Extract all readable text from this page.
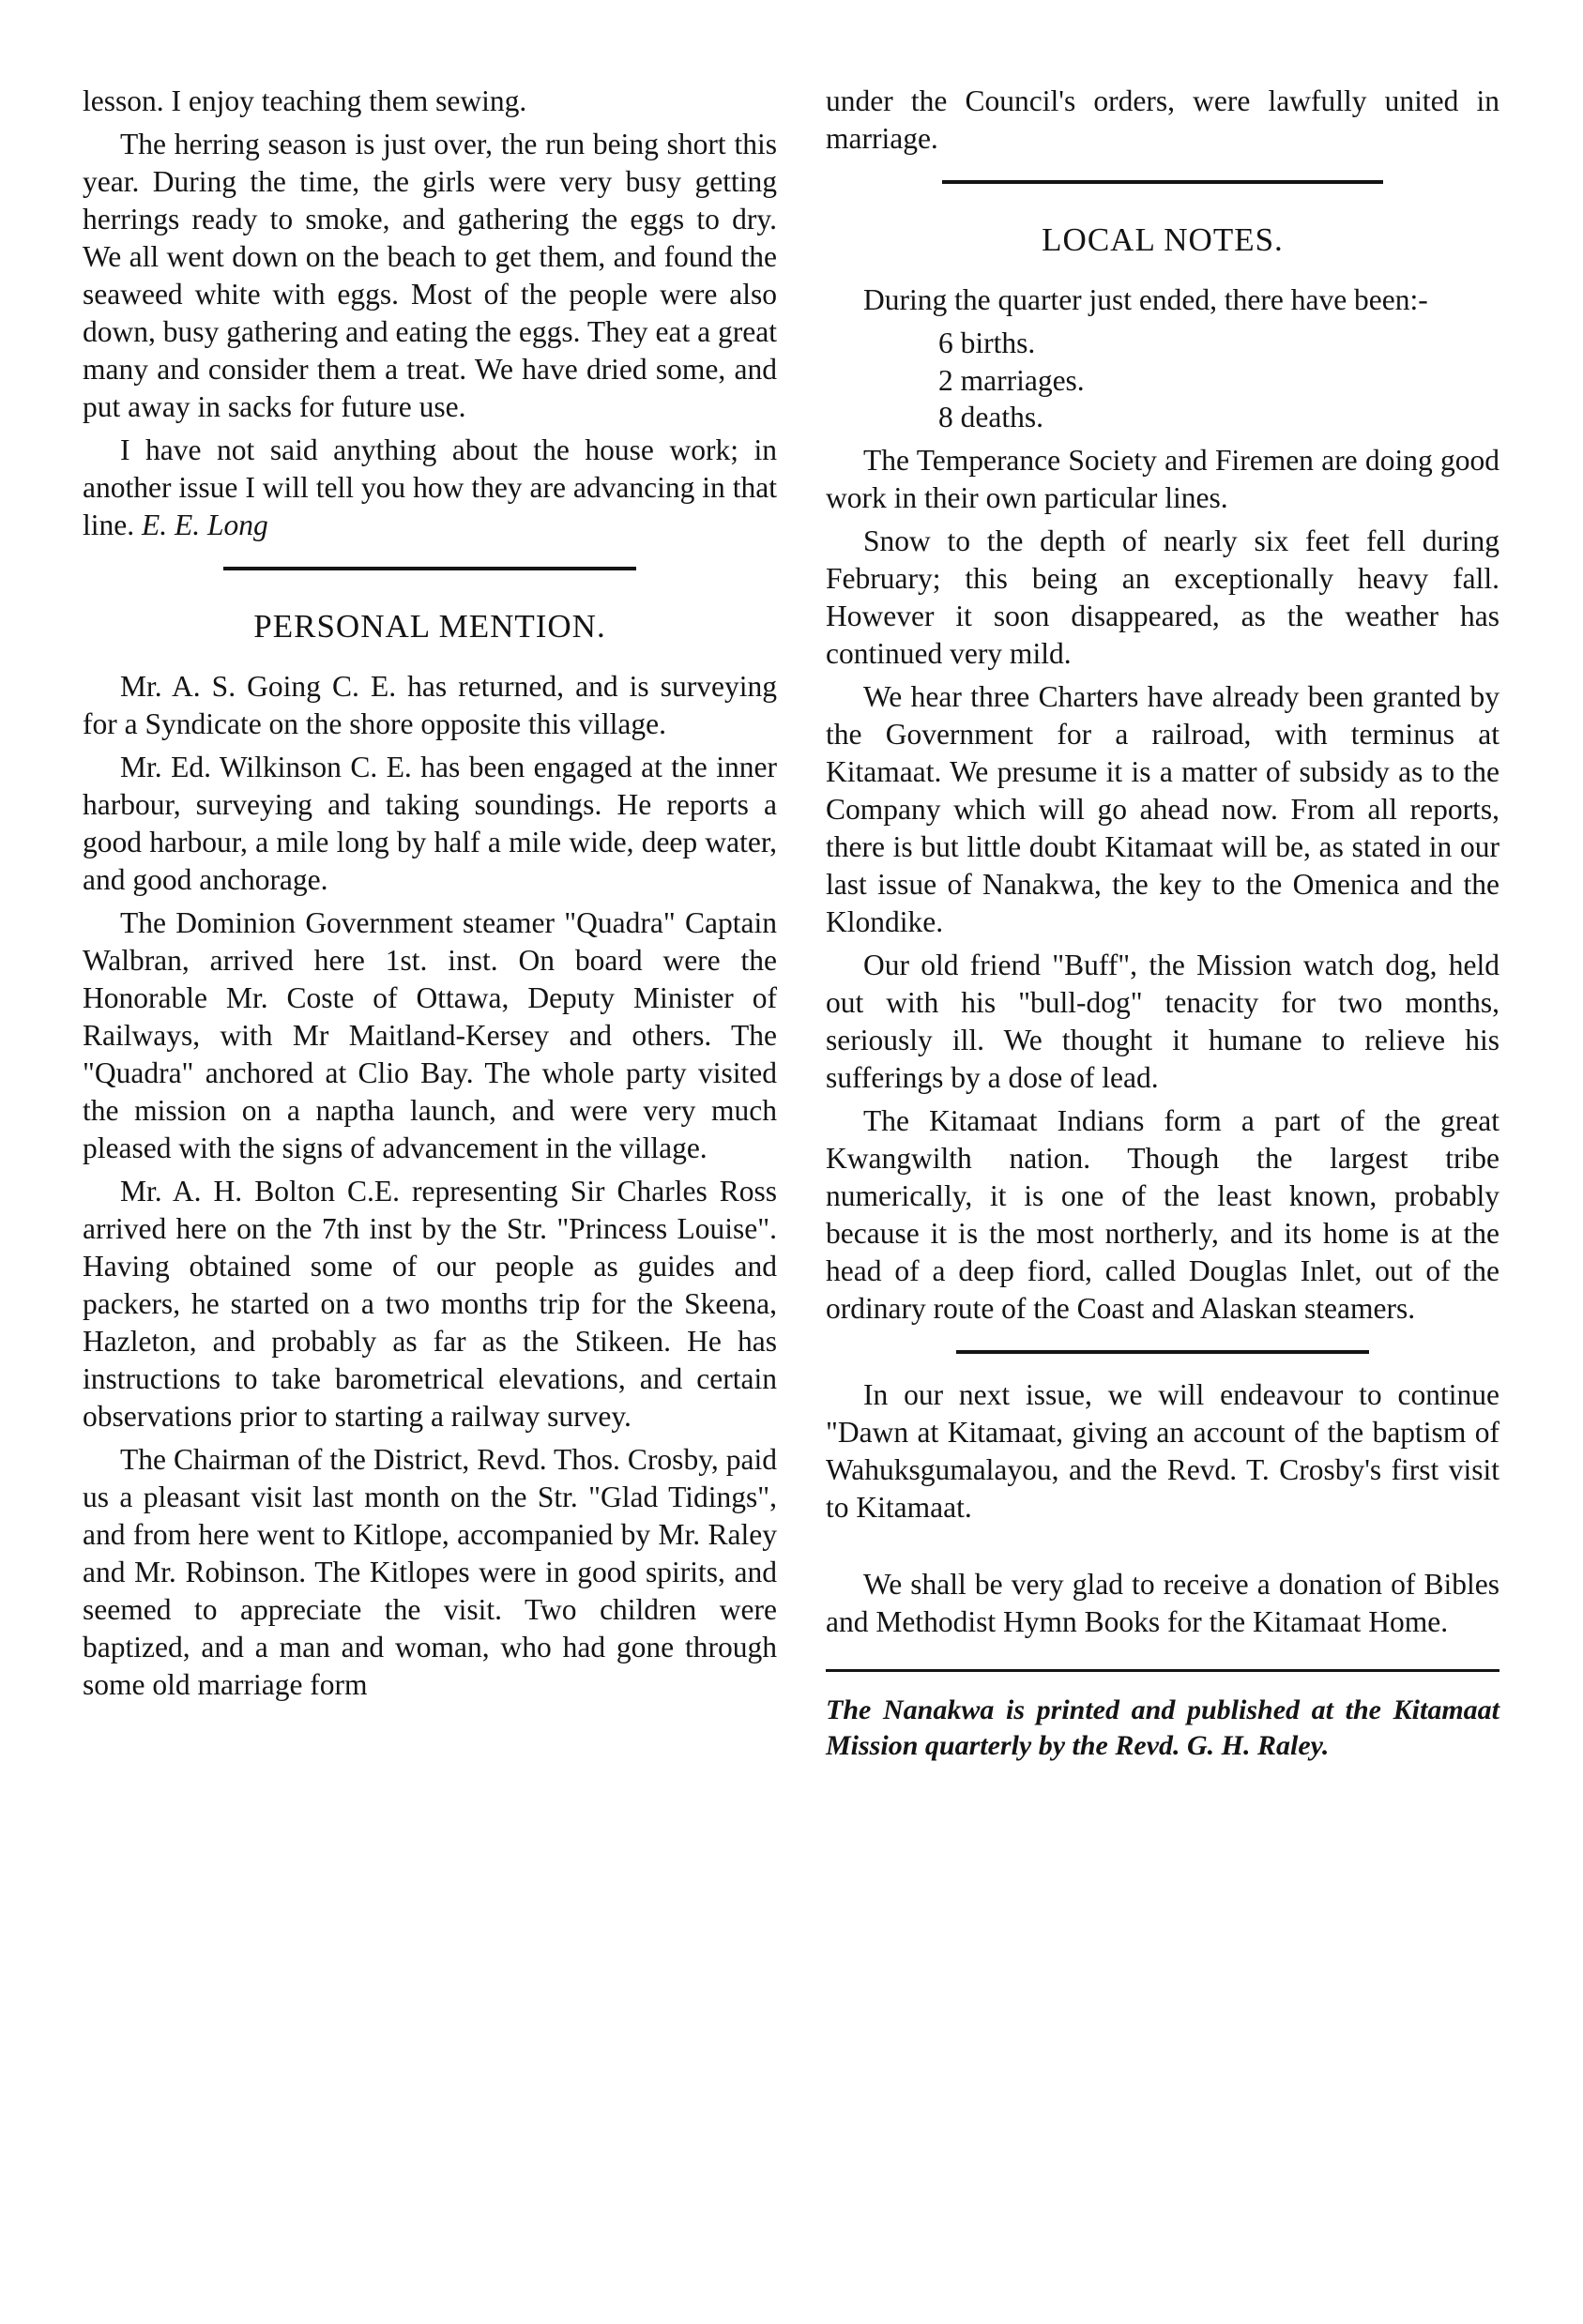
lesson. I enjoy teaching them sewing.

The herring season is just over, the run being short this year. During the time, the girls were very busy getting herrings ready to smoke, and gathering the eggs to dry. We all went down on the beach to get them, and found the seaweed white with eggs. Most of the people were also down, busy gathering and eating the eggs. They eat a great many and consider them a treat. We have dried some, and put away in sacks for future use.

I have not said anything about the house work; in another issue I will tell you how they are advancing in that line. E. E. Long

PERSONAL MENTION.

Mr. A. S. Going C. E. has returned, and is surveying for a Syndicate on the shore opposite this village.

Mr. Ed. Wilkinson C. E. has been engaged at the inner harbour, surveying and taking soundings. He reports a good harbour, a mile long by half a mile wide, deep water, and good anchorage.

The Dominion Government steamer "Quadra" Captain Walbran, arrived here 1st. inst. On board were the Honorable Mr. Coste of Ottawa, Deputy Minister of Railways, with Mr Maitland-Kersey and others. The "Quadra" anchored at Clio Bay. The whole party visited the mission on a naptha launch, and were very much pleased with the signs of advancement in the village.

Mr. A. H. Bolton C.E. representing Sir Charles Ross arrived here on the 7th inst by the Str. "Princess Louise". Having obtained some of our people as guides and packers, he started on a two months trip for the Skeena, Hazleton, and probably as far as the Stikeen. He has instructions to take barometrical elevations, and certain observations prior to starting a railway survey.

The Chairman of the District, Revd. Thos. Crosby, paid us a pleasant visit last month on the Str. "Glad Tidings", and from here went to Kitlope, accompanied by Mr. Raley and Mr. Robinson. The Kitlopes were in good spirits, and seemed to appreciate the visit. Two children were baptized, and a man and woman, who had gone through some old marriage form

under the Council's orders, were lawfully united in marriage.

LOCAL NOTES.

During the quarter just ended, there have been:-

6 births.
2 marriages.
8 deaths.

The Temperance Society and Firemen are doing good work in their own particular lines.

Snow to the depth of nearly six feet fell during February; this being an exceptionally heavy fall. However it soon disappeared, as the weather has continued very mild.

We hear three Charters have already been granted by the Government for a railroad, with terminus at Kitamaat. We presume it is a matter of subsidy as to the Company which will go ahead now. From all reports, there is but little doubt Kitamaat will be, as stated in our last issue of Nanakwa, the key to the Omenica and the Klondike.

Our old friend "Buff", the Mission watch dog, held out with his "bull-dog" tenacity for two months, seriously ill. We thought it humane to relieve his sufferings by a dose of lead.

The Kitamaat Indians form a part of the great Kwangwilth nation. Though the largest tribe numerically, it is one of the least known, probably because it is the most northerly, and its home is at the head of a deep fiord, called Douglas Inlet, out of the ordinary route of the Coast and Alaskan steamers.

In our next issue, we will endeavour to continue "Dawn at Kitamaat, giving an account of the baptism of Wahuksgumalayou, and the Revd. T. Crosby's first visit to Kitamaat.

We shall be very glad to receive a donation of Bibles and Methodist Hymn Books for the Kitamaat Home.

The Nanakwa is printed and published at the Kitamaat Mission quarterly by the Revd. G. H. Raley.
